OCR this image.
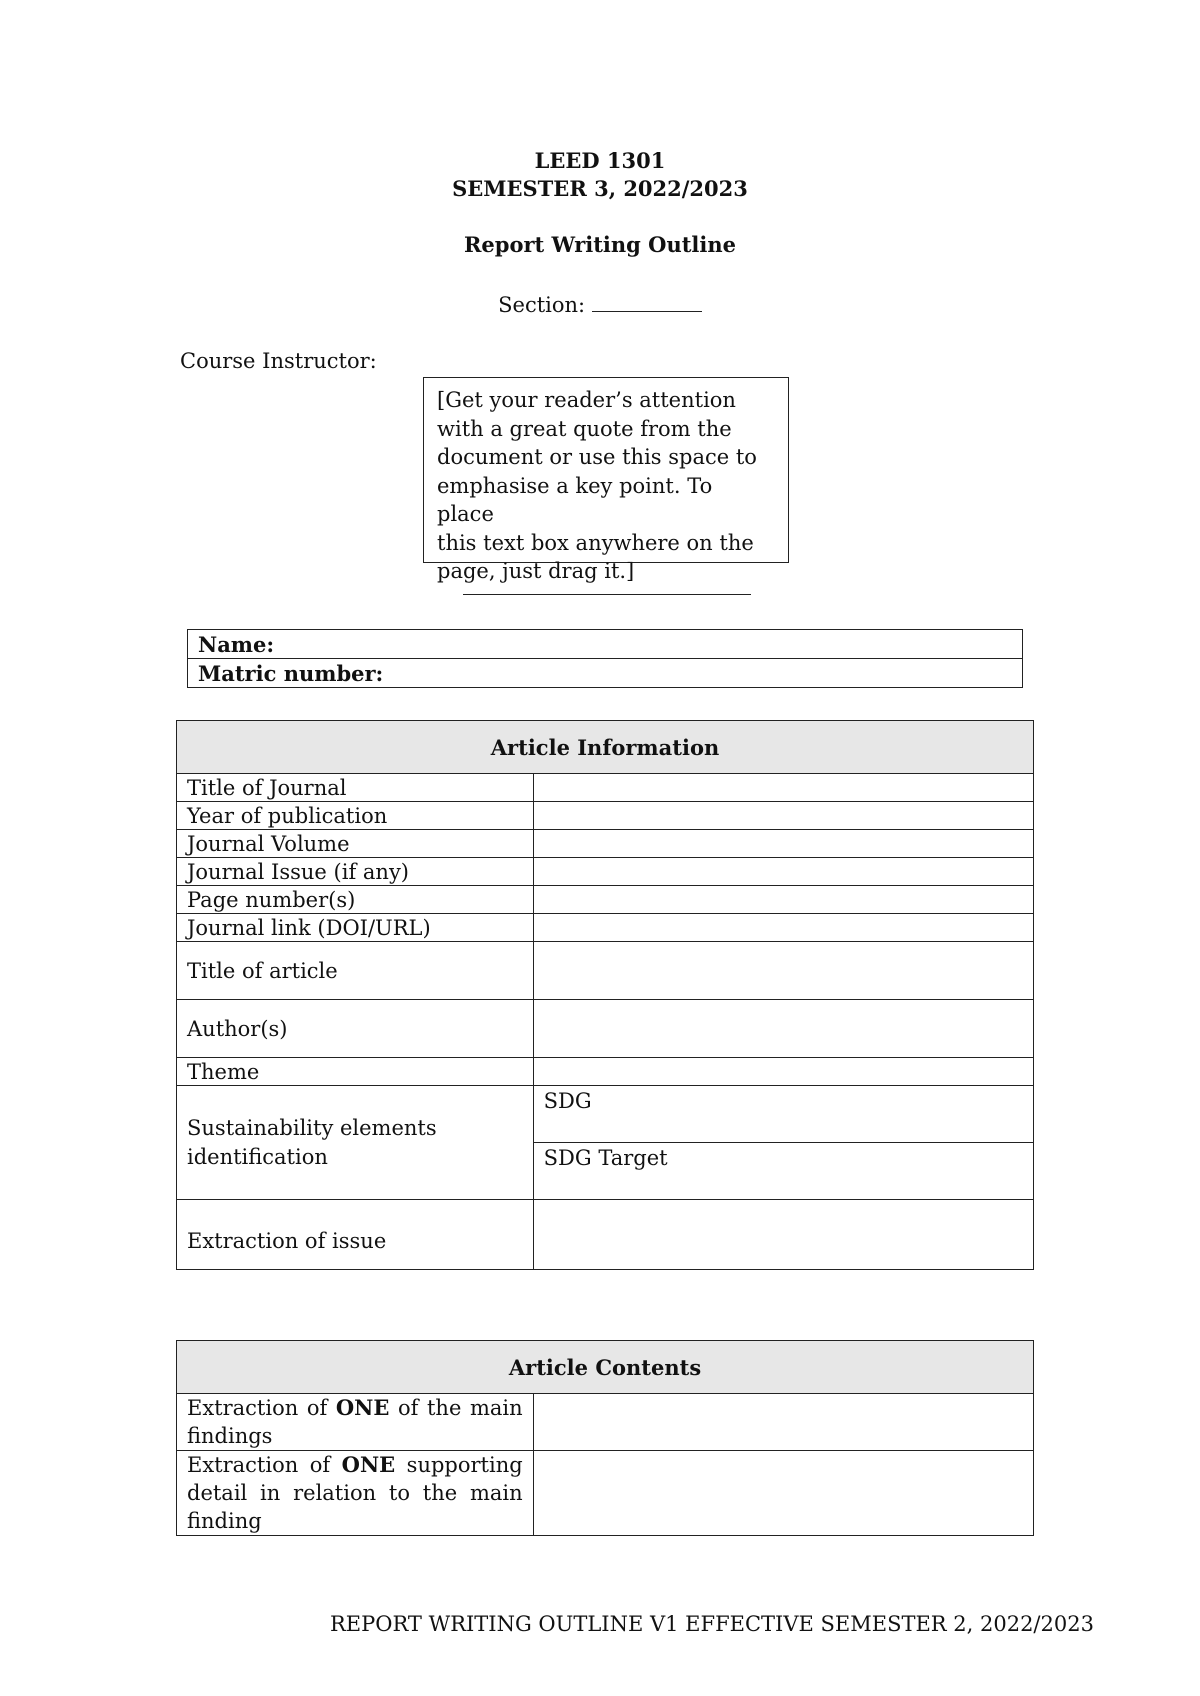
LEED 1301
SEMESTER 3, 2022/2023
Report Writing Outline
Section:
Course Instructor:
[Get your reader’s attention
with a great quote from the
document or use this space to
emphasise a key point. To place
this text box anywhere on the
page, just drag it.]
Name:
Matric number:
Article Information	
Title of Journal	
Year of publication	
Journal Volume	
Journal Issue (if any)	
Page number(s)	
Journal link (DOI/URL)	
Title of article	
Author(s)	
Theme	
Sustainability elements identification	SDG
	SDG Target
Extraction of issue	
Article Contents	
Extraction of ONE of the main findings	
Extraction of ONE supporting detail in relation to the main finding	
REPORT WRITING OUTLINE V1 EFFECTIVE SEMESTER 2, 2022/2023
